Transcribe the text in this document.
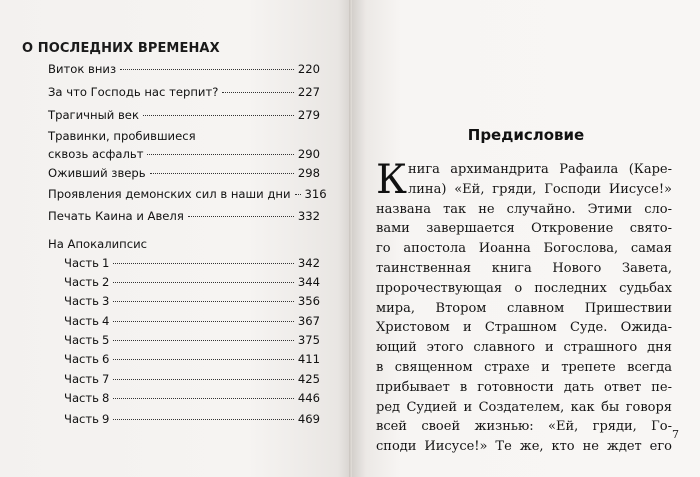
О ПОСЛЕДНИХ ВРЕМЕНАХ
Виток вниз	220
За что Господь нас терпит?	227
Трагичный век	279
Травинки, пробившиеся
сквозь асфальт	290
Оживший зверь	298
Проявления демонских сил в наши дни 316
Печать Каина и Авеля	332
На Апокалипсис
Часть 1	342
Часть 2	344
Часть 3	356
Часть 4	367
Часть 5	375
Часть 6	411
Часть 7	425
Часть 8	446
Часть 9	469
Предисловие
К нига архимандрита Рафаила (Каре-
лина) «Ей, гряди, Господи Иисусе!»
названа так не случайно. Этими сло-
вами завершается Откровение свято-
го апостола Иоанна Богослова, самая
таинственная книга Нового Завета,
пророчествующая о последних судьбах
мира, Втором славном Пришествии
Христовом и Страшном Суде. Ожида-
ющий этого славного и страшного дня
в священном страхе и трепете всегда
прибывает в готовности дать ответ пе-
ред Судией и Создателем, как бы говоря
всей своей жизнью: «Ей, гряди, Го-
споди Иисусе!» Те же, кто не ждет его
7
